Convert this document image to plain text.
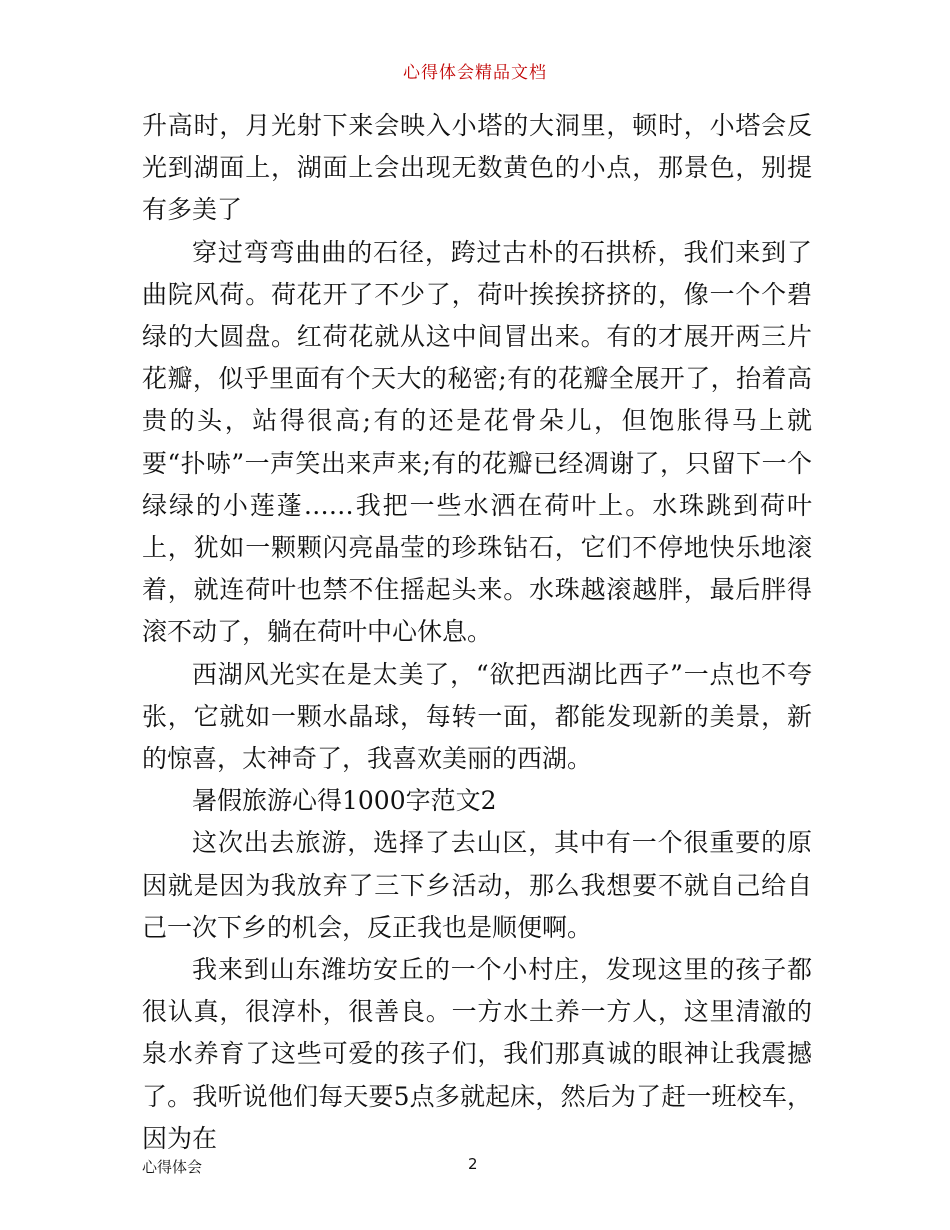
心得体会精品文档

升高时，月光射下来会映入小塔的大洞里，顿时，小塔会反光到湖面上，湖面上会出现无数黄色的小点，那景色，别提有多美了

穿过弯弯曲曲的石径，跨过古朴的石拱桥，我们来到了曲院风荷。荷花开了不少了，荷叶挨挨挤挤的，像一个个碧绿的大圆盘。红荷花就从这中间冒出来。有的才展开两三片花瓣，似乎里面有个天大的秘密;有的花瓣全展开了，抬着高贵的头，站得很高;有的还是花骨朵儿，但饱胀得马上就要“扑哧”一声笑出来声来;有的花瓣已经凋谢了，只留下一个绿绿的小莲蓬……我把一些水洒在荷叶上。水珠跳到荷叶上，犹如一颗颗闪亮晶莹的珍珠钻石，它们不停地快乐地滚着，就连荷叶也禁不住摇起头来。水珠越滚越胖，最后胖得滚不动了，躺在荷叶中心休息。

西湖风光实在是太美了，“欲把西湖比西子”一点也不夸张，它就如一颗水晶球，每转一面，都能发现新的美景，新的惊喜，太神奇了，我喜欢美丽的西湖。

暑假旅游心得1000字范文2

这次出去旅游，选择了去山区，其中有一个很重要的原因就是因为我放弃了三下乡活动，那么我想要不就自己给自己一次下乡的机会，反正我也是顺便啊。

我来到山东潍坊安丘的一个小村庄，发现这里的孩子都很认真，很淳朴，很善良。一方水土养一方人，这里清澈的泉水养育了这些可爱的孩子们，我们那真诚的眼神让我震撼了。我听说他们每天要5点多就起床，然后为了赶一班校车，因为在

心得体会	2
